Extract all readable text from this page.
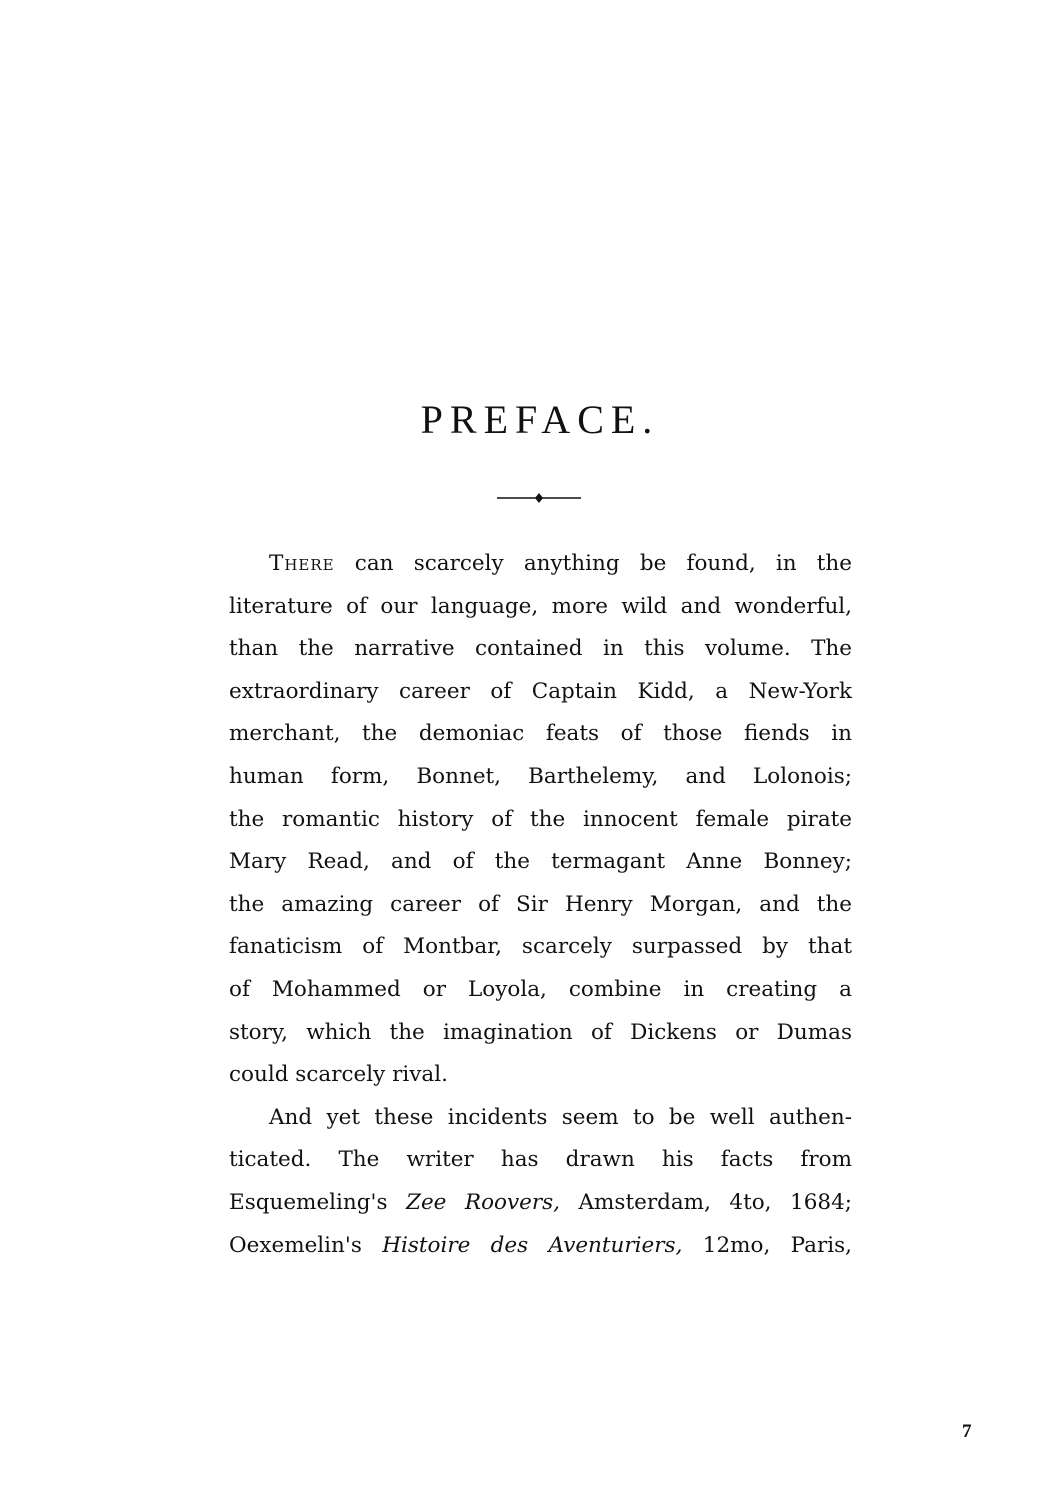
PREFACE.
There can scarcely anything be found, in the
literature of our language, more wild and wonderful,
than the narrative contained in this volume. The
extraordinary career of Captain Kidd, a New-York
merchant, the demoniac feats of those fiends in
human form, Bonnet, Barthelemy, and Lolonois;
the romantic history of the innocent female pirate
Mary Read, and of the termagant Anne Bonney;
the amazing career of Sir Henry Morgan, and the
fanaticism of Montbar, scarcely surpassed by that
of Mohammed or Loyola, combine in creating a
story, which the imagination of Dickens or Dumas
could scarcely rival.
And yet these incidents seem to be well authen-
ticated. The writer has drawn his facts from
Esquemeling's Zee Roovers, Amsterdam, 4to, 1684;
Oexemelin's Histoire des Aventuriers, 12mo, Paris,
7
